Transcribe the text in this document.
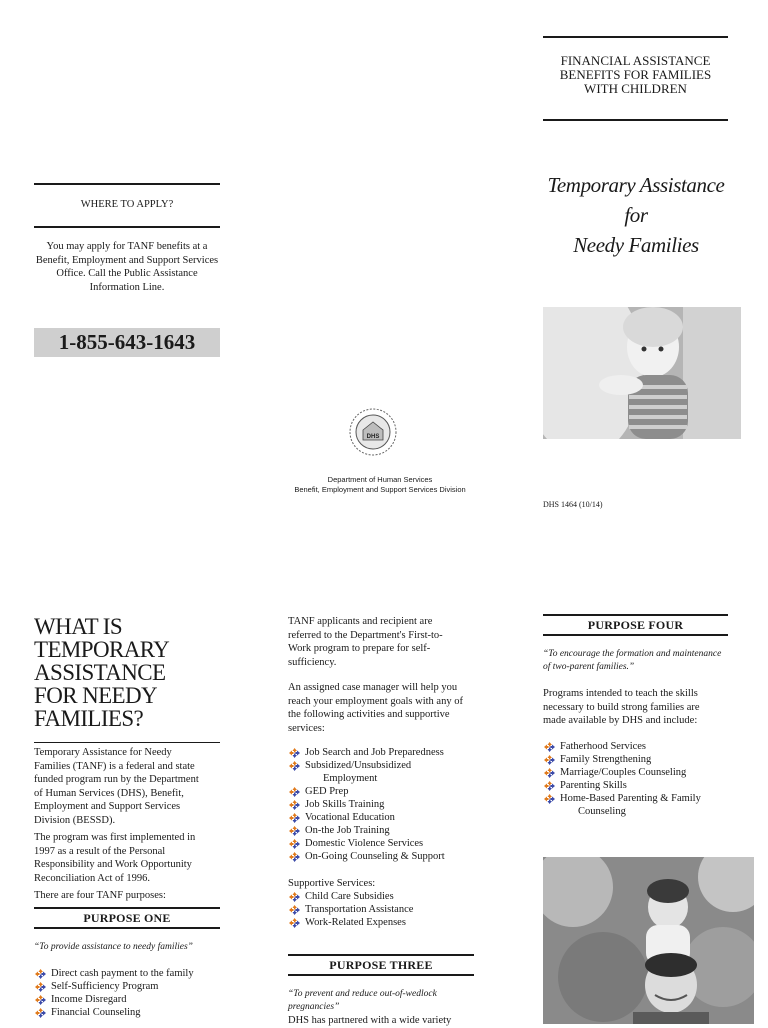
FINANCIAL ASSISTANCE BENEFITS FOR FAMILIES WITH CHILDREN
Temporary Assistance
for
Needy Families
DHS 1464 (10/14)
WHERE TO APPLY?
You may apply for TANF benefits at a Benefit, Employment and Support Services Office. Call the Public Assistance Information Line.
1-855-643-1643
DHS
Department of Human Services
Benefit, Employment and Support Services Division
WHAT IS TEMPORARY ASSISTANCE FOR NEEDY FAMILIES?
Temporary Assistance for Needy Families (TANF) is a federal and state funded program run by the Department of Human Services (DHS), Benefit, Employment and Support Services Division (BESSD).
The program was first implemented in 1997 as a result of the Personal Responsibility and Work Opportunity Reconciliation Act of 1996.
There are four TANF purposes:
PURPOSE ONE
“To provide assistance to needy families”
Direct cash payment to the family
Self-Sufficiency Program
Income Disregard
Financial Counseling
TANF applicants and recipient are referred to the Department's First-to-Work program to prepare for self-sufficiency.
An assigned case manager will help you reach your employment goals with any of the following activities and supportive services:
Job Search and Job Preparedness
Subsidized/Unsubsidized
Employment
GED Prep
Job Skills Training
Vocational Education
On-the Job Training
Domestic Violence Services
On-Going Counseling & Support
Supportive Services:
Child Care Subsidies
Transportation Assistance
Work-Related Expenses
PURPOSE THREE
“To prevent and reduce out-of-wedlock pregnancies”
DHS has partnered with a wide variety
PURPOSE FOUR
“To encourage the formation and maintenance of two-parent families.”
Programs intended to teach the skills necessary to build strong families are made available by DHS and include:
Fatherhood Services
Family Strengthening
Marriage/Couples Counseling
Parenting Skills
Home-Based Parenting & Family
Counseling
